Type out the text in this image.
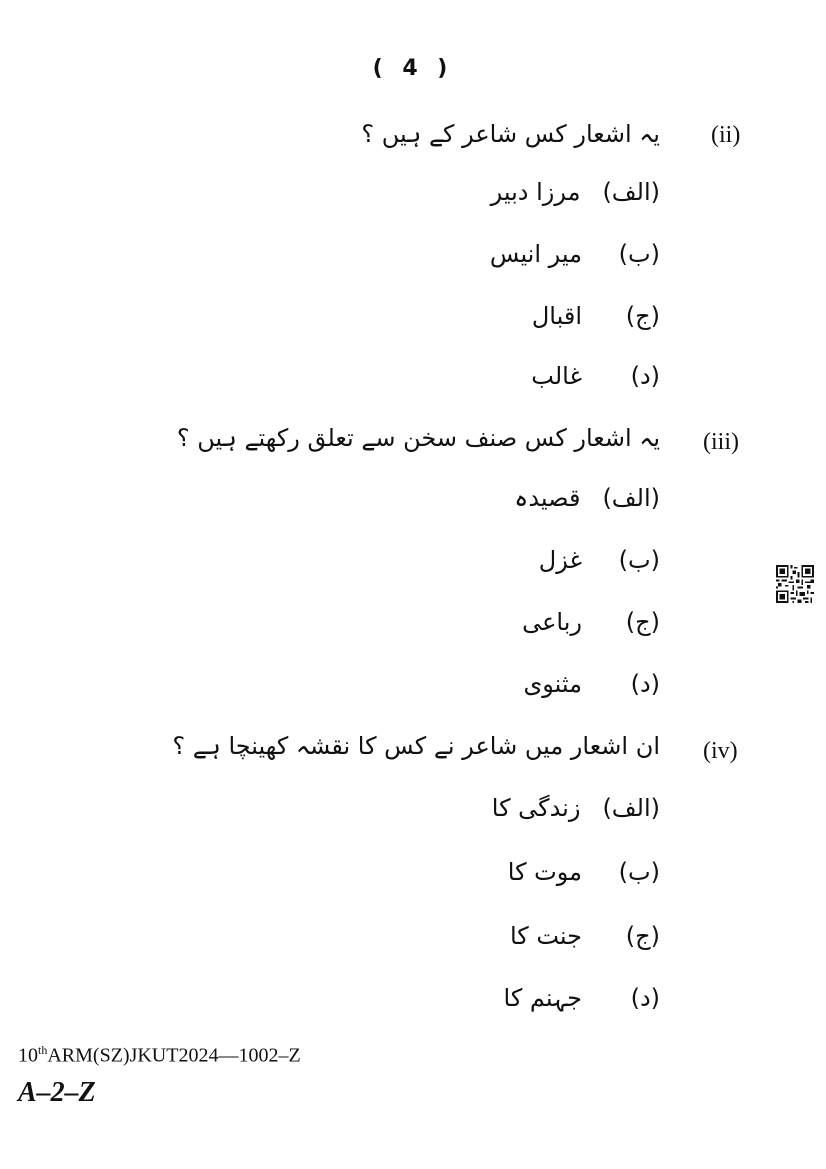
( 4 )
(ii)
یہ اشعار کس شاعر کے ہیں ؟
(الف)مرزا دبیر
(ب)میر انیس
(ج)اقبال
(د)غالب
(iii)
یہ اشعار کس صنف سخن سے تعلق رکھتے ہیں ؟
(الف)قصیدہ
(ب)غزل
(ج)رباعی
(د)مثنوی
(iv)
ان اشعار میں شاعر نے کس کا نقشہ کھینچا ہے ؟
(الف)زندگی کا
(ب)موت کا
(ج)جنت کا
(د)جہنم کا
10thARM(SZ)JKUT2024—1002–Z
A–2–Z
